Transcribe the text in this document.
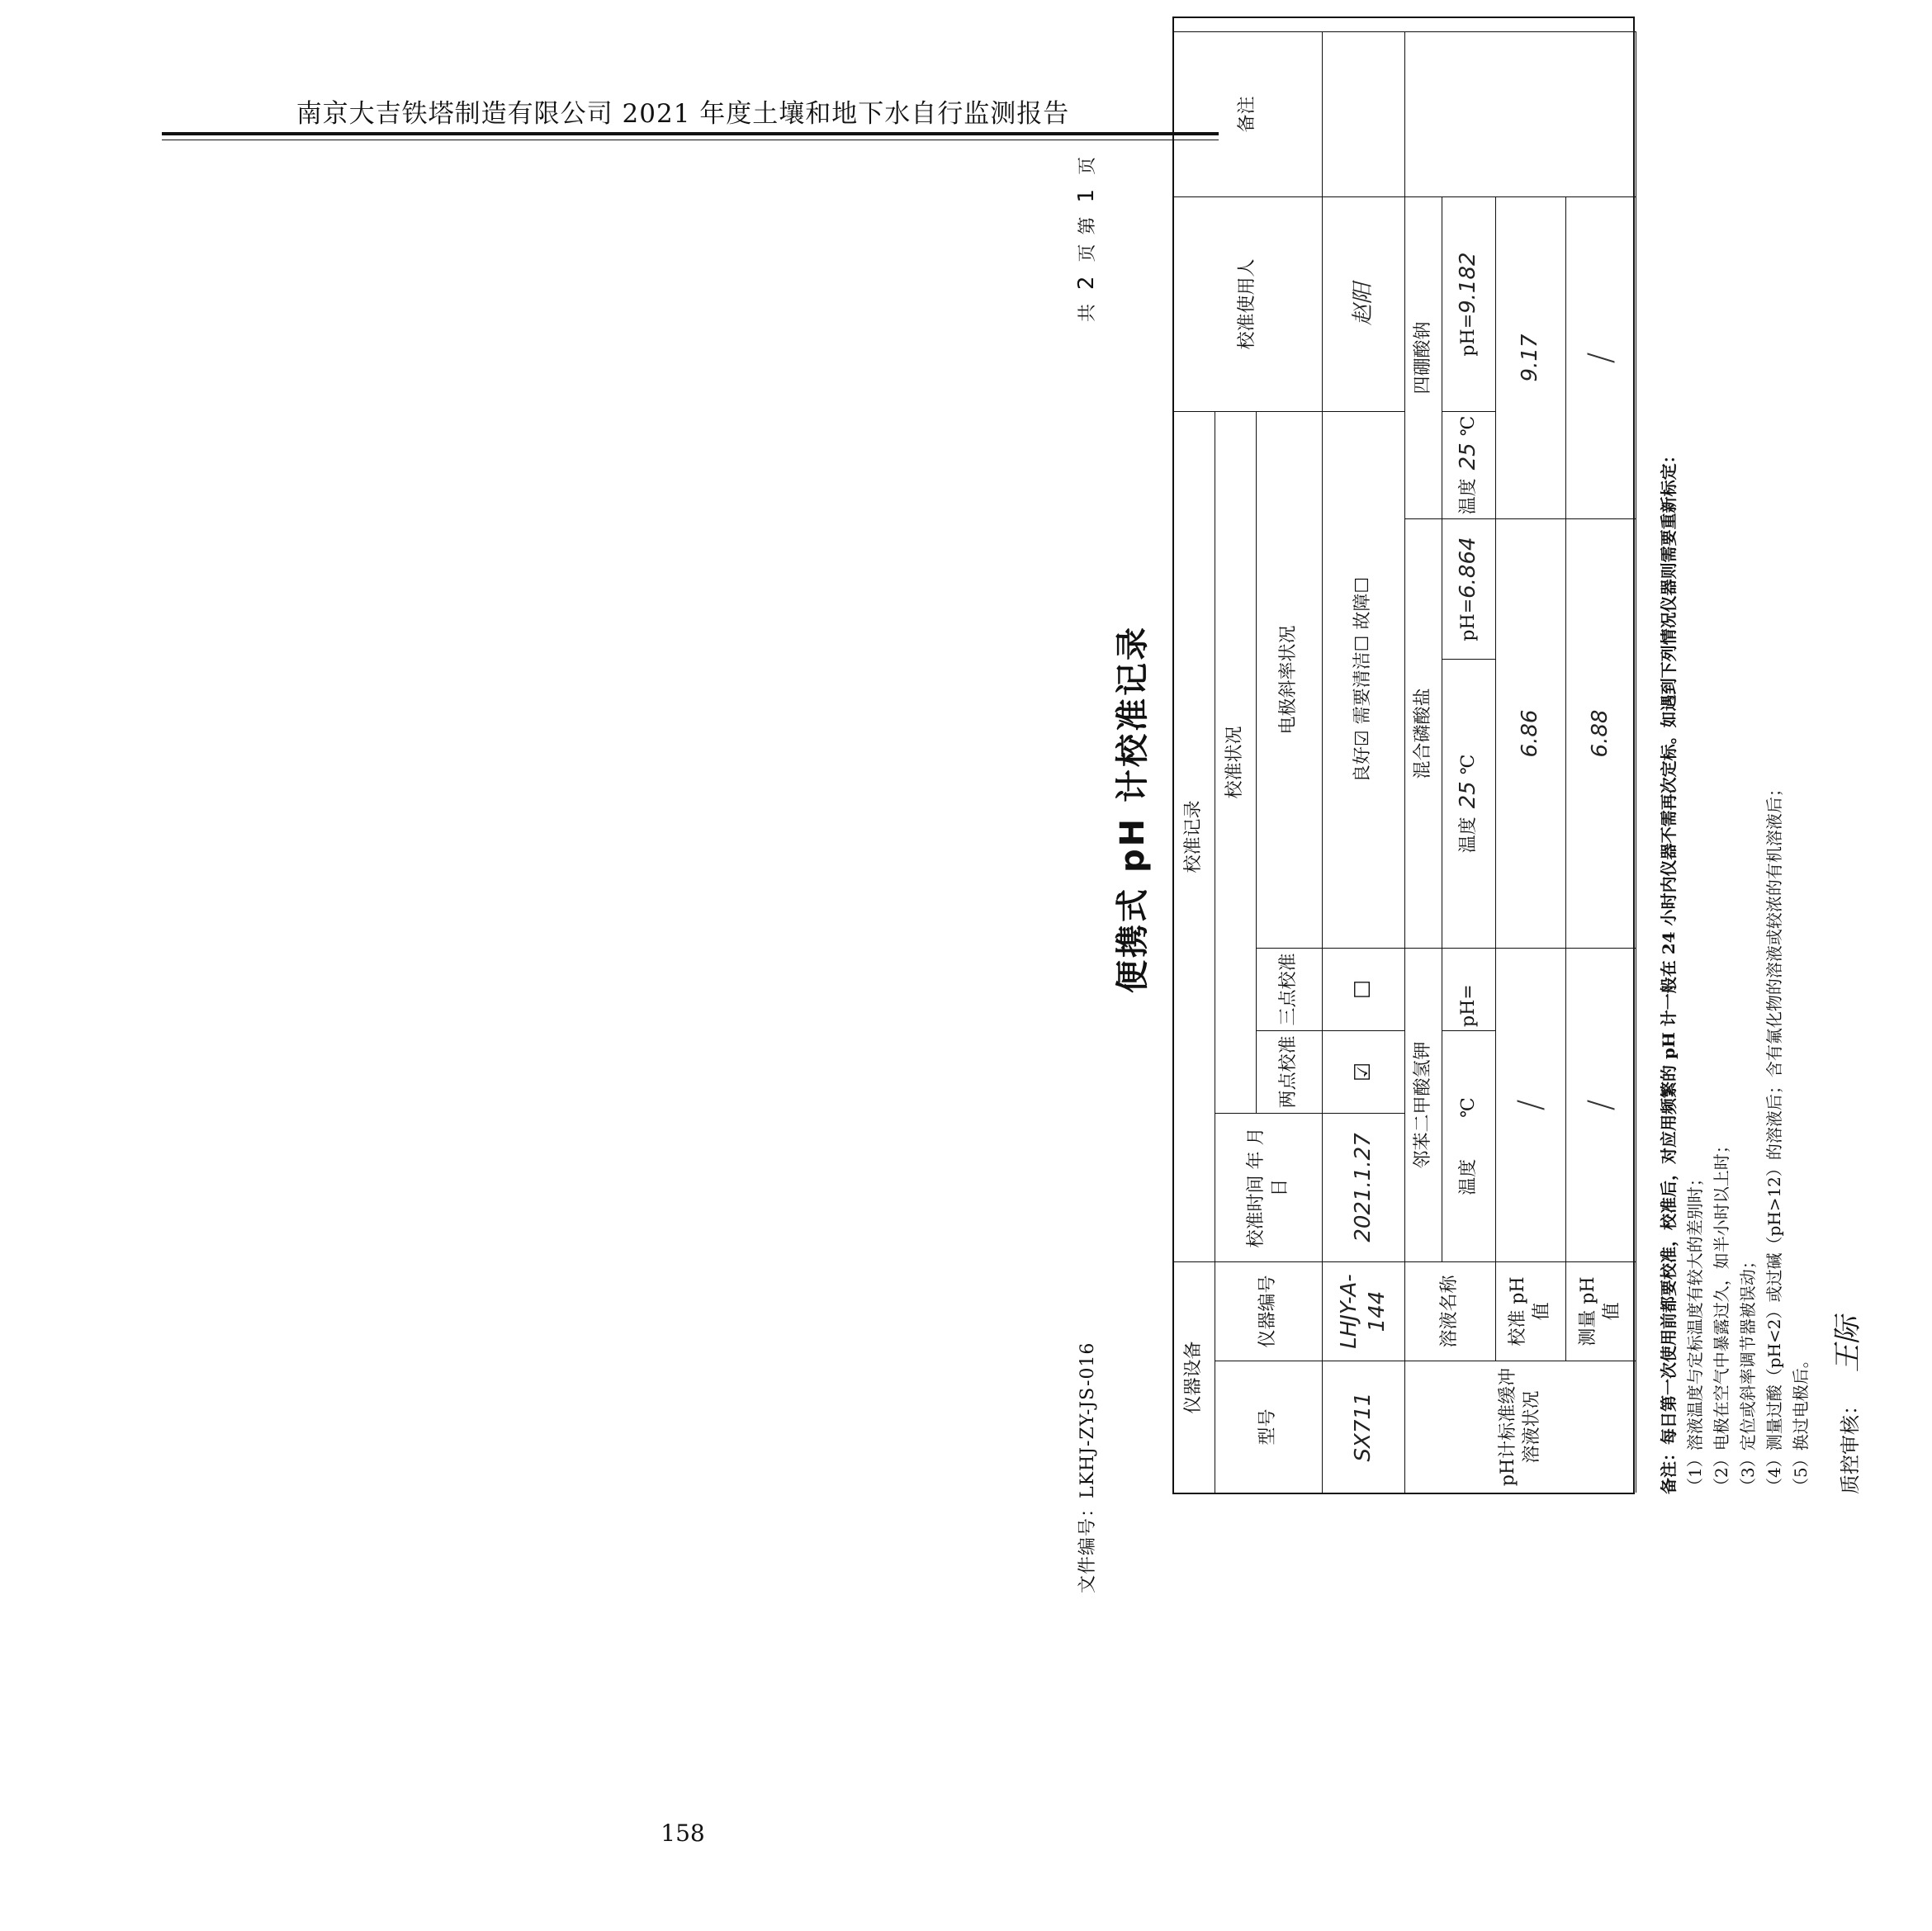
南京大吉铁塔制造有限公司 2021 年度土壤和地下水自行监测报告
文件编号：LKHJ-ZY-JS-016
共 2 页 第 1 页
便携式 pH 计校准记录
仪器设备
校准记录
校准使用人
备注
型号
仪器编号
校准时间 年 月 日
校准状况
两点校准
三点校准
电极斜率状况
SX711
LHJY-A-144
2021.1.27
☑
☐
良好☑ 需要清洁☐ 故障☐
赵阳
pH计标准缓冲溶液状况
溶液名称
邻苯二甲酸氢钾
混合磷酸盐
四硼酸钠
温度
℃
pH=
温度
25
℃
pH=
6.864
温度
25
℃
pH=
9.182
校准 pH 值
/
6.86
9.17
测量 pH 值
/
6.88
/
备注：每日第一次使用前都要校准，校准后，对应用频繁的 pH 计一般在 24 小时内仪器不需再次定标。如遇到下列情况仪器则需要重新标定： （1）溶液温度与定标温度有较大的差别时； （2）电极在空气中暴露过久，如半小时以上时； （3）定位或斜率调节器被误动； （4）测量过酸（pH<2）或过碱（pH>12）的溶液后；含有氟化物的溶液或较浓的有机溶液后； （5）换过电极后。	质控审核： 王际
158
